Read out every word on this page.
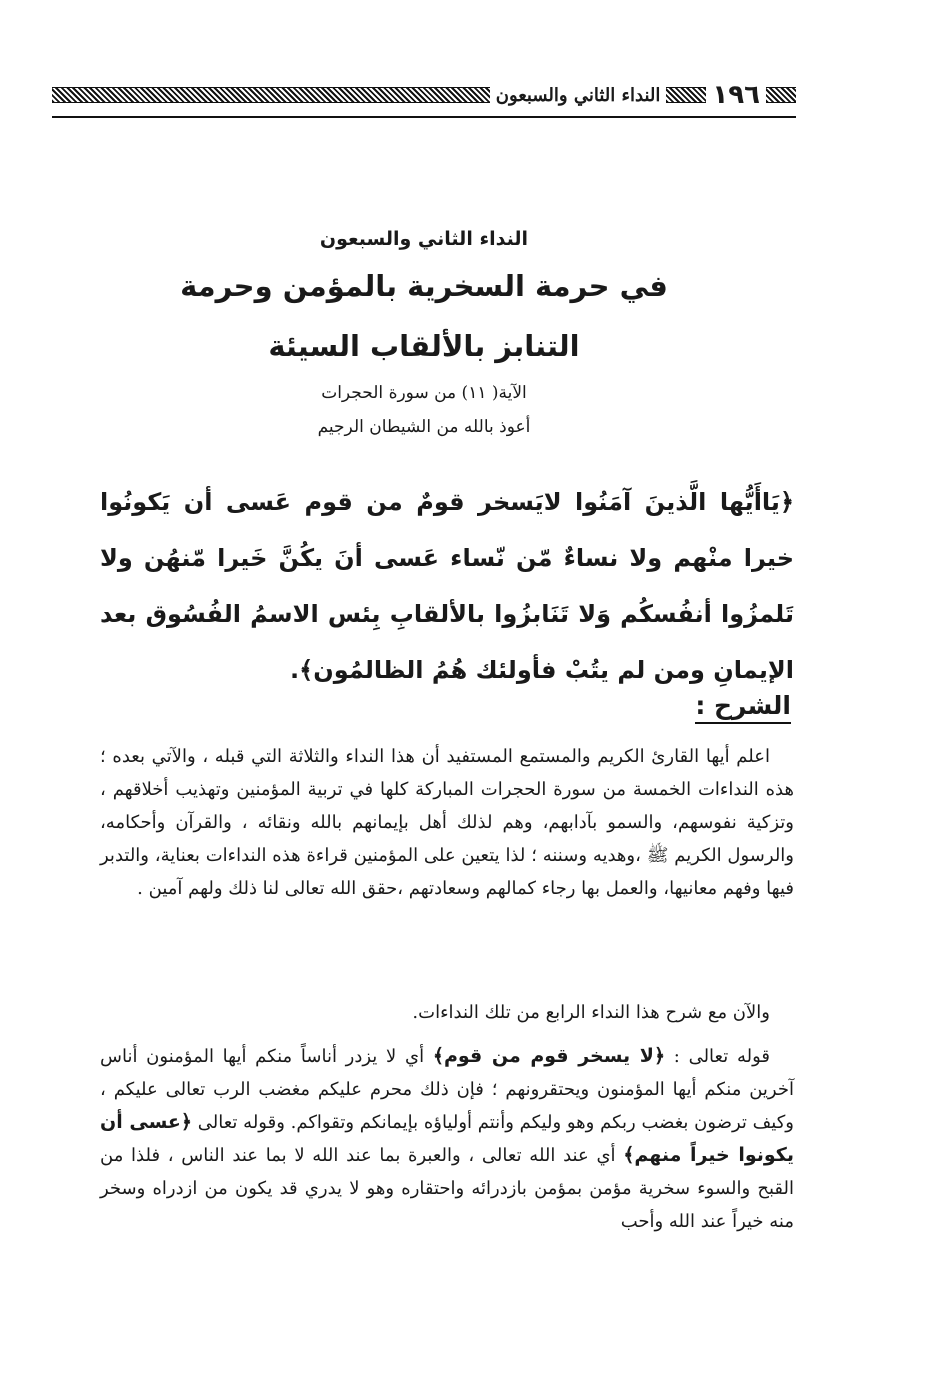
١٩٦
النداء الثاني والسبعون
النداء الثاني والسبعون
في حرمة السخرية بالمؤمن وحرمة
التنابز بالألقاب السيئة
الآية( ١١) من سورة الحجرات
أعوذ بالله من الشيطان الرجيم
﴿يَاأَيُّها الَّذينَ آمَنُوا لايَسخر قومٌ من قوم عَسى أن يَكونُوا خيرا منْهم ولا نساءٌ مّن نّساء عَسى أنَ يكُنَّ خَيرا مّنهُن ولا تَلمزُوا أنفُسكُم وَلا تَنَابزُوا بالألقابِ بِئس الاسمُ الفُسُوق بعد الإيمانِ ومن لم يتُبْ فأولئك هُمُ الظالمُون﴾.
الشرح :
اعلم أيها القارئ الكريم والمستمع المستفيد أن هذا النداء والثلاثة التي قبله ، والآتي بعده ؛ هذه النداءات الخمسة من سورة الحجرات المباركة كلها في تربية المؤمنين وتهذيب أخلاقهم ، وتزكية نفوسهم، والسمو بآدابهم، وهم لذلك أهل بإيمانهم بالله ونقائه ، والقرآن وأحكامه، والرسول الكريم ﷺ ،وهديه وسننه ؛ لذا يتعين على المؤمنين قراءة هذه النداءات بعناية، والتدبر فيها وفهم معانيها، والعمل بها رجاء كمالهم وسعادتهم ،حقق الله تعالى لنا ذلك ولهم آمين .
والآن مع شرح هذا النداء الرابع من تلك النداءات.
قوله تعالى : ﴿لا يسخر قوم من قوم﴾ أي لا يزدر أناساً منكم أيها المؤمنون أناس آخرين منكم أيها المؤمنون ويحتقرونهم ؛ فإن ذلك محرم عليكم مغضب الرب تعالى عليكم ، وكيف ترضون بغضب ربكم وهو وليكم وأنتم أولياؤه بإيمانكم وتقواكم. وقوله تعالى ﴿عسى أن يكونوا خيراً منهم﴾ أي عند الله تعالى ، والعبرة بما عند الله لا بما عند الناس ، فلذا من القبح والسوء سخرية مؤمن بمؤمن بازدرائه واحتقاره وهو لا يدري قد يكون من ازدراه وسخر منه خيراً عند الله وأحب
